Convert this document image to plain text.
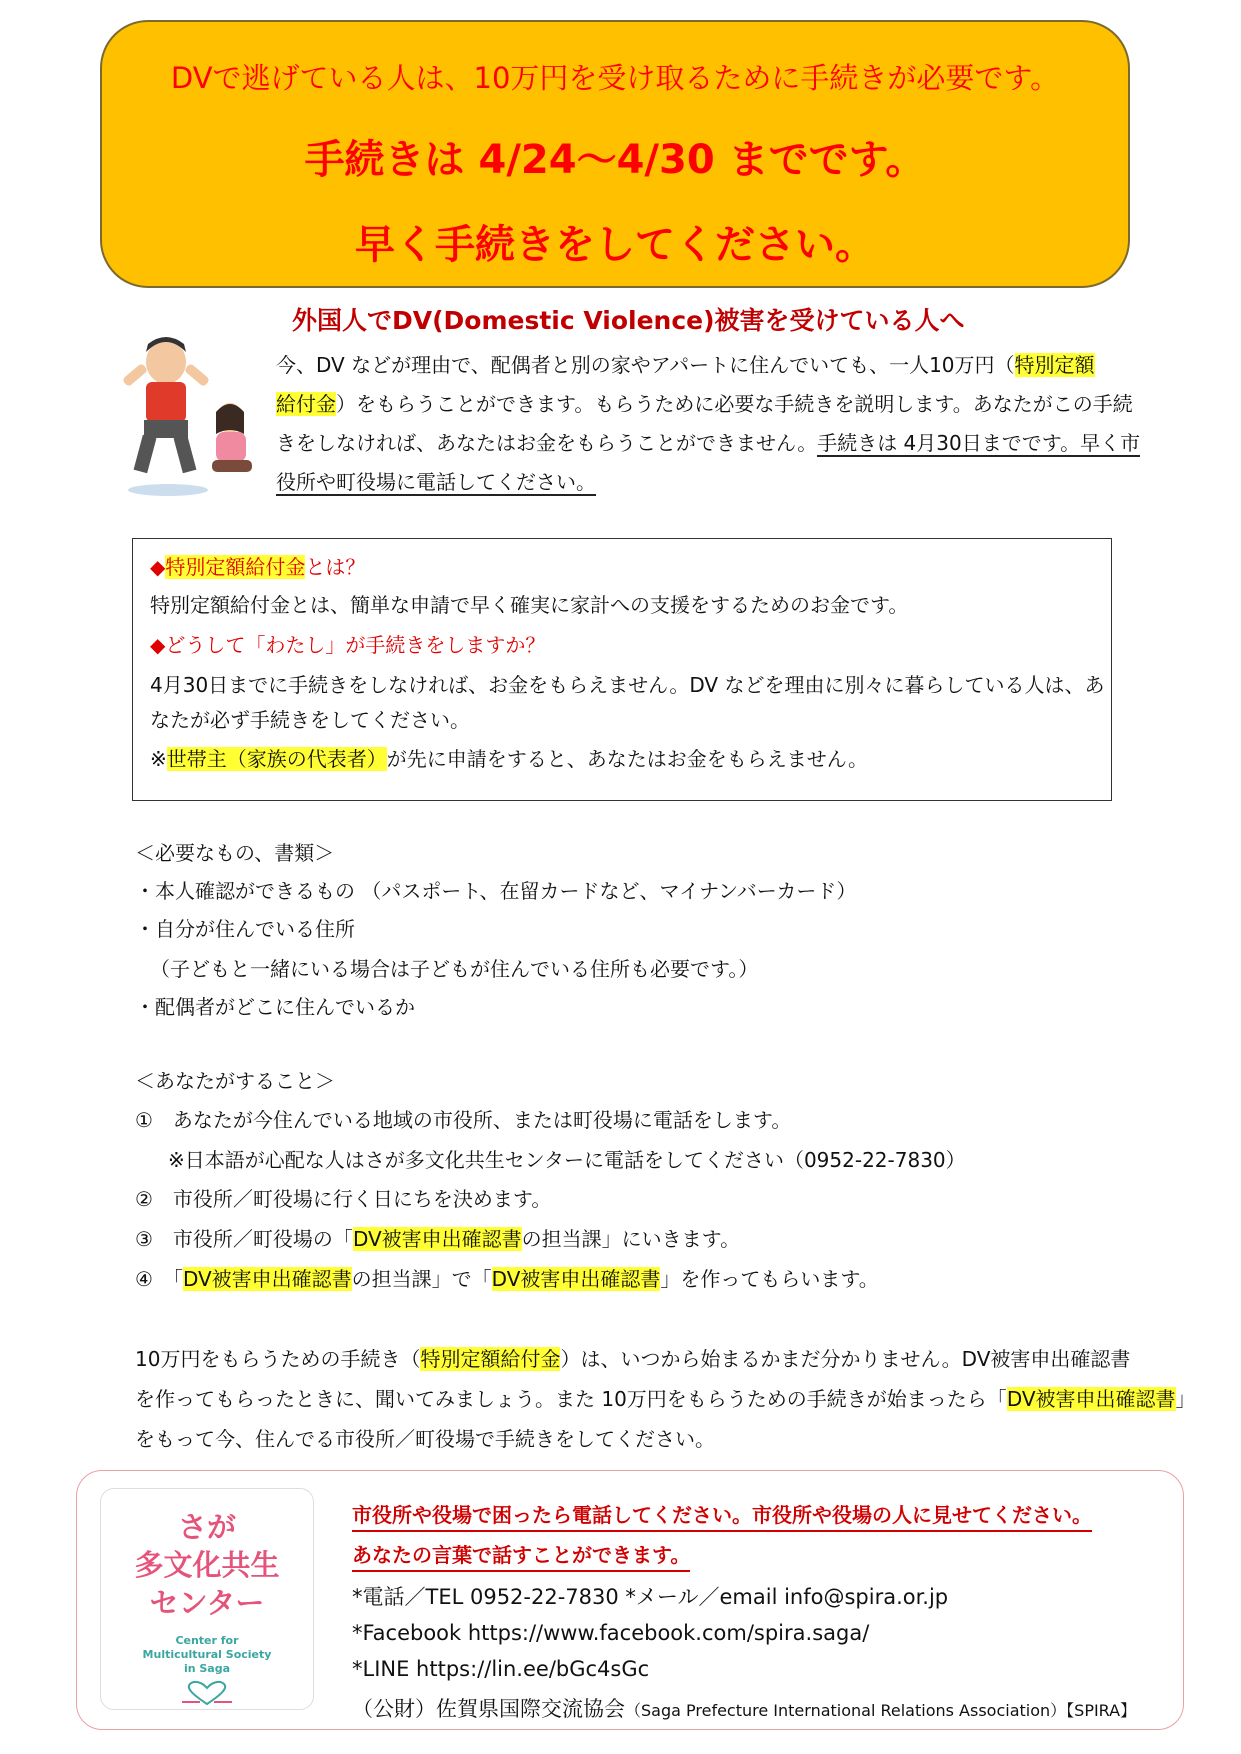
DVで逃げている人は、10万円を受け取るために手続きが必要です。
手続きは 4/24～4/30 までです。
早く手続きをしてください。
外国人でDV(Domestic Violence)被害を受けている人へ

今、DV などが理由で、配偶者と別の家やアパートに住んでいても、一人10万円（特別定額

給付金）をもらうことができます。もらうために必要な手続きを説明します。あなたがこの手続

きをしなければ、あなたはお金をもらうことができません。手続きは 4月30日までです。早く市

役所や町役場に電話してください。

◆特別定額給付金とは？
特別定額給付金とは、簡単な申請で早く確実に家計への支援をするためのお金です。
◆どうして「わたし」が手続きをしますか？
4月30日までに手続きをしなければ、お金をもらえません。DV などを理由に別々に暮らしている人は、あ
なたが必ず手続きをしてください。
※世帯主（家族の代表者）が先に申請をすると、あなたはお金をもらえません。
＜必要なもの、書類＞
・本人確認ができるもの （パスポート、在留カードなど、マイナンバーカード）
・自分が住んでいる住所
（子どもと一緒にいる場合は子どもが住んでいる住所も必要です。）
・配偶者がどこに住んでいるか
＜あなたがすること＞
①　あなたが今住んでいる地域の市役所、または町役場に電話をします。
※日本語が心配な人はさが多文化共生センターに電話をしてください（0952-22-7830）
②　市役所／町役場に行く日にちを決めます。
③　市役所／町役場の「DV被害申出確認書の担当課」にいきます。
④　「DV被害申出確認書の担当課」で「DV被害申出確認書」を作ってもらいます。
10万円をもらうための手続き（特別定額給付金）は、いつから始まるかまだ分かりません。DV被害申出確認書
を作ってもらったときに、聞いてみましょう。また 10万円をもらうための手続きが始まったら「DV被害申出確認書」
をもって今、住んでる市役所／町役場で手続きをしてください。
さが
多文化共生
センター
Center for
Multicultural Society
in Saga
市役所や役場で困ったら電話してください。市役所や役場の人に見せてください。
あなたの言葉で話すことができます。
*電話／TEL 0952-22-7830 *メール／email info@spira.or.jp
*Facebook https://www.facebook.com/spira.saga/
*LINE https://lin.ee/bGc4sGc
（公財）佐賀県国際交流協会（Saga Prefecture International Relations Association）【SPIRA】
